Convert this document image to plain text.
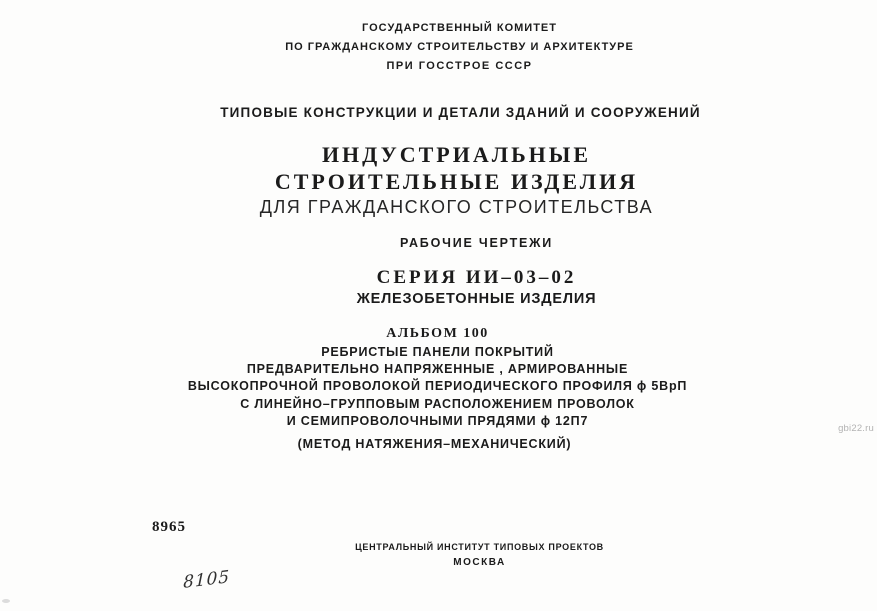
ГОСУДАРСТВЕННЫЙ КОМИТЕТ
ПО ГРАЖДАНСКОМУ СТРОИТЕЛЬСТВУ И АРХИТЕКТУРЕ
ПРИ ГОССТРОЕ СССР
ТИПОВЫЕ КОНСТРУКЦИИ И ДЕТАЛИ ЗДАНИЙ И СООРУЖЕНИЙ
ИНДУСТРИАЛЬНЫЕ
СТРОИТЕЛЬНЫЕ ИЗДЕЛИЯ
ДЛЯ ГРАЖДАНСКОГО СТРОИТЕЛЬСТВА
РАБОЧИЕ ЧЕРТЕЖИ
СЕРИЯ ИИ–03–02
ЖЕЛЕЗОБЕТОННЫЕ ИЗДЕЛИЯ
АЛЬБОМ 100
РЕБРИСТЫЕ ПАНЕЛИ ПОКРЫТИЙ
ПРЕДВАРИТЕЛЬНО НАПРЯЖЕННЫЕ , АРМИРОВАННЫЕ
ВЫСОКОПРОЧНОЙ ПРОВОЛОКОЙ ПЕРИОДИЧЕСКОГО ПРОФИЛЯ ϕ 5ВрП
С ЛИНЕЙНО–ГРУППОВЫМ РАСПОЛОЖЕНИЕМ ПРОВОЛОК
И СЕМИПРОВОЛОЧНЫМИ ПРЯДЯМИ ϕ 12П7
(МЕТОД НАТЯЖЕНИЯ–МЕХАНИЧЕСКИЙ)
8965
ЦЕНТРАЛЬНЫЙ ИНСТИТУТ ТИПОВЫХ ПРОЕКТОВ
МОСКВА
8105
gbi22.ru
